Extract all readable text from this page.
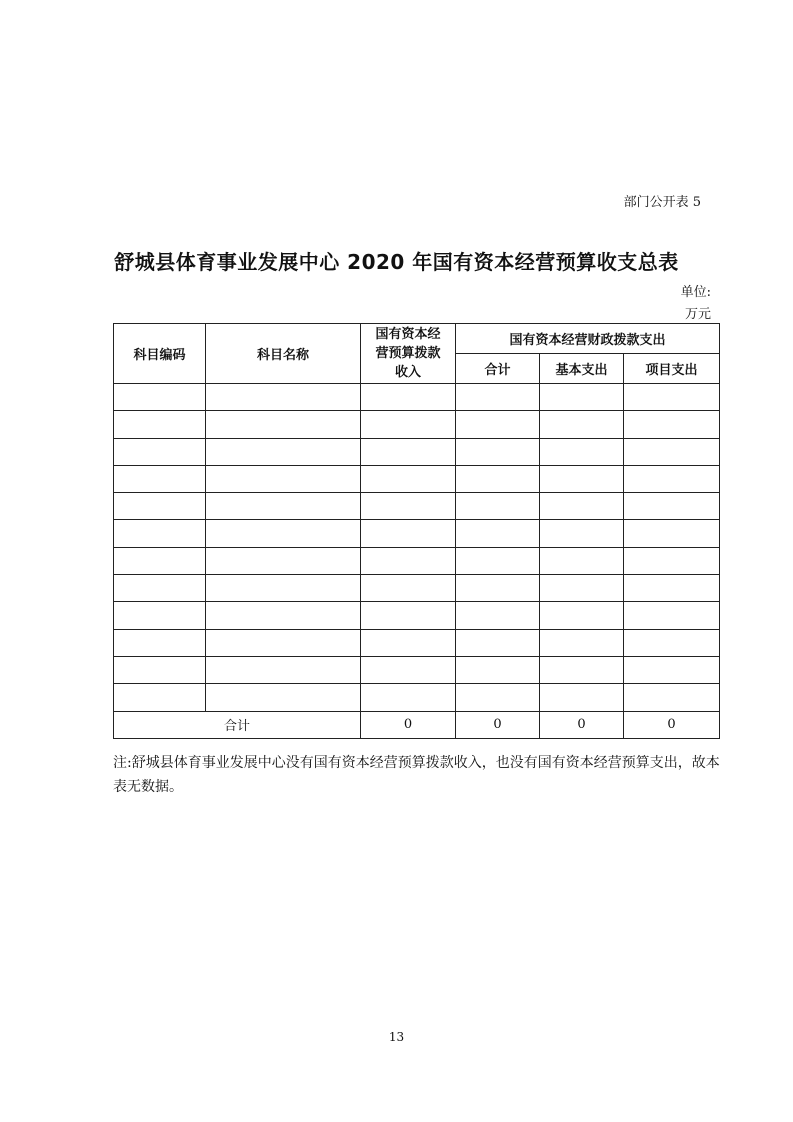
部门公开表 5
舒城县体育事业发展中心 2020 年国有资本经营预算收支总表
单位:
万元
科目编码	科目名称	国有资本经
营预算拨款
收入	国有资本经营财政拨款支出		
			合计	基本支出	项目支出

合计		0	0	0	0
注:舒城县体育事业发展中心没有国有资本经营预算拨款收入，也没有国有资本经营预算支出，故本表无数据。
13
